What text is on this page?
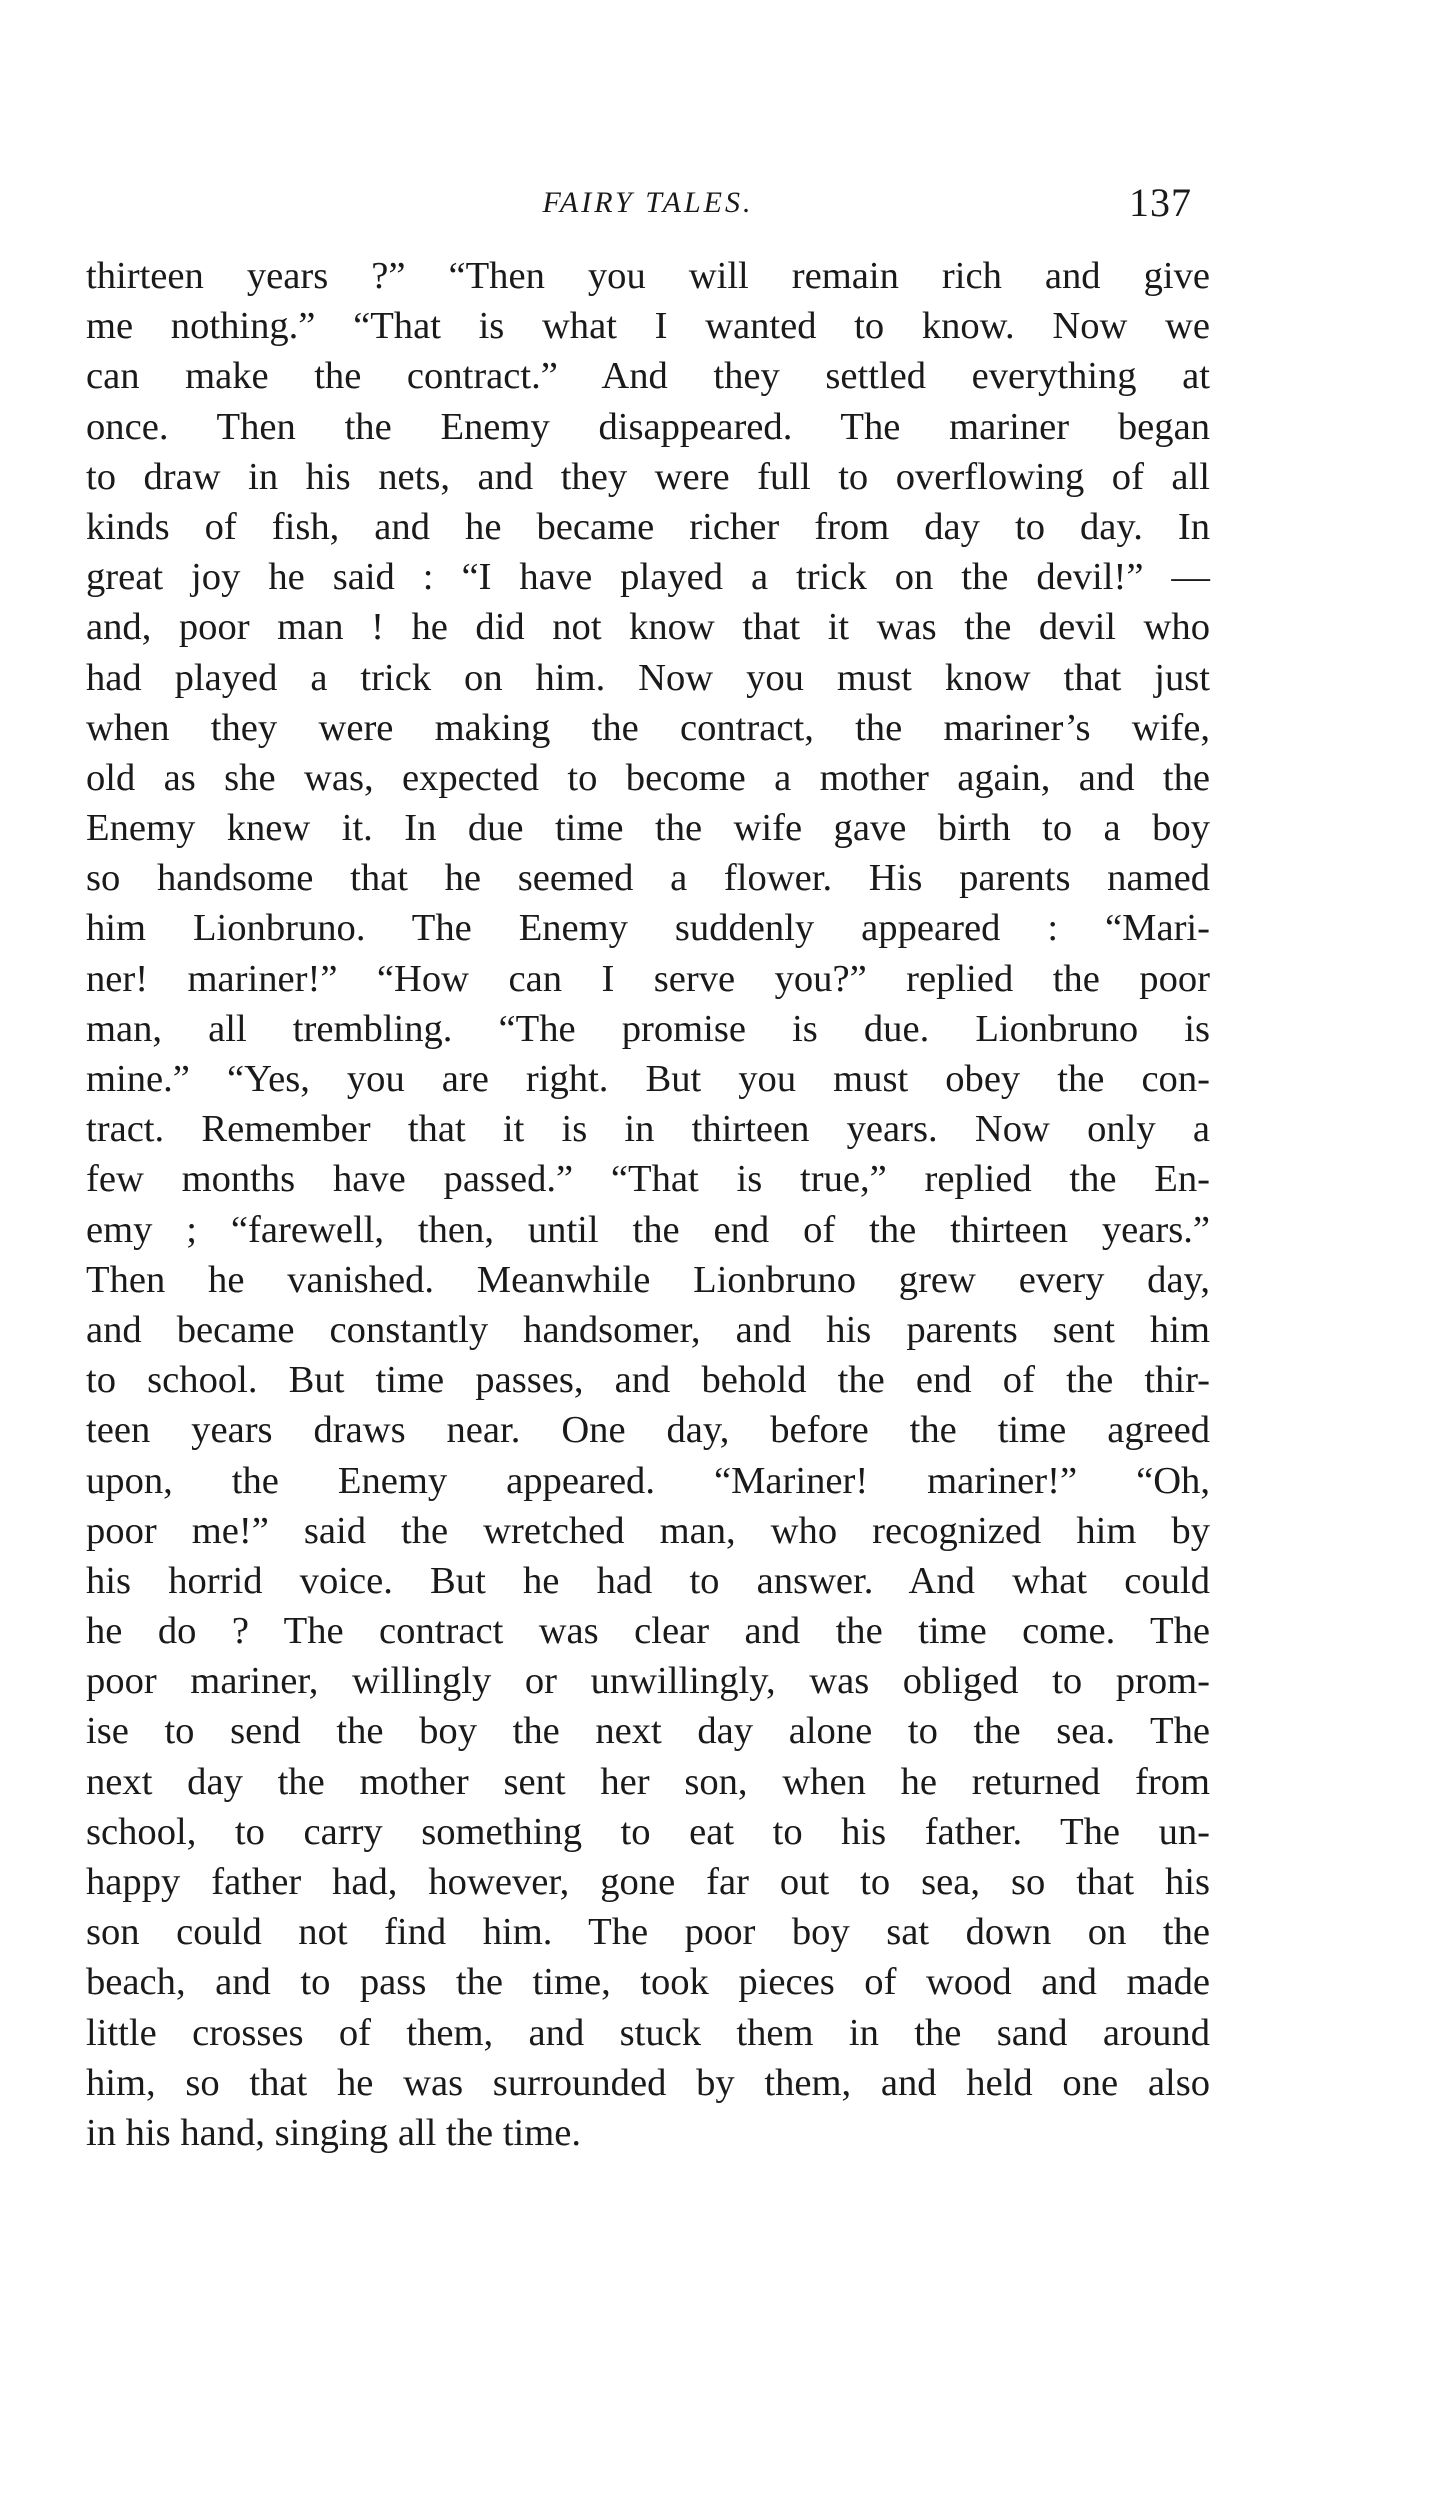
FAIRY TALES.	137
thirteen years ?” “Then you will remain rich and give
me nothing.” “That is what I wanted to know. Now we
can make the contract.” And they settled everything at
once. Then the Enemy disappeared. The mariner began
to draw in his nets, and they were full to overflowing of all
kinds of fish, and he became richer from day to day. In
great joy he said : “I have played a trick on the devil!” —
and, poor man ! he did not know that it was the devil who
had played a trick on him. Now you must know that just
when they were making the contract, the mariner’s wife,
old as she was, expected to become a mother again, and the
Enemy knew it. In due time the wife gave birth to a boy
so handsome that he seemed a flower. His parents named
him Lionbruno. The Enemy suddenly appeared : “Mari-
ner! mariner!” “How can I serve you?” replied the poor
man, all trembling. “The promise is due. Lionbruno is
mine.” “Yes, you are right. But you must obey the con-
tract. Remember that it is in thirteen years. Now only a
few months have passed.” “That is true,” replied the En-
emy ; “farewell, then, until the end of the thirteen years.”
Then he vanished. Meanwhile Lionbruno grew every day,
and became constantly handsomer, and his parents sent him
to school. But time passes, and behold the end of the thir-
teen years draws near. One day, before the time agreed
upon, the Enemy appeared. “Mariner! mariner!” “Oh,
poor me!” said the wretched man, who recognized him by
his horrid voice. But he had to answer. And what could
he do ? The contract was clear and the time come. The
poor mariner, willingly or unwillingly, was obliged to prom-
ise to send the boy the next day alone to the sea. The
next day the mother sent her son, when he returned from
school, to carry something to eat to his father. The un-
happy father had, however, gone far out to sea, so that his
son could not find him. The poor boy sat down on the
beach, and to pass the time, took pieces of wood and made
little crosses of them, and stuck them in the sand around
him, so that he was surrounded by them, and held one also
in his hand, singing all the time.
